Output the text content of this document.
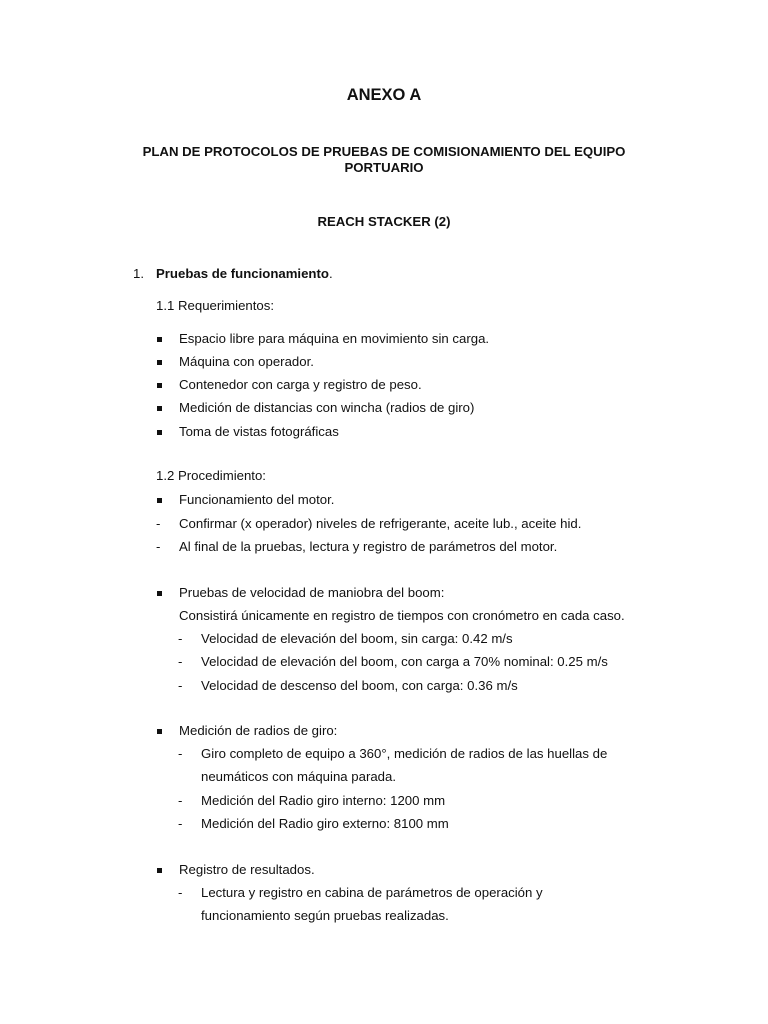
ANEXO A
PLAN DE PROTOCOLOS DE PRUEBAS DE COMISIONAMIENTO DEL EQUIPO
PORTUARIO
REACH STACKER (2)
1. Pruebas de funcionamiento.
1.1 Requerimientos:
Espacio libre para máquina en movimiento sin carga.
Máquina con operador.
Contenedor con carga y registro de peso.
Medición de distancias con wincha (radios de giro)
Toma de vistas fotográficas
1.2 Procedimiento:
Funcionamiento del motor.
- Confirmar (x operador) niveles de refrigerante, aceite lub., aceite hid.
- Al final de la pruebas, lectura y registro de parámetros del motor.
Pruebas de velocidad de maniobra del boom:
Consistirá únicamente en registro de tiempos con cronómetro en cada caso.
- Velocidad de elevación del boom, sin carga: 0.42 m/s
- Velocidad de elevación del boom, con carga a 70% nominal: 0.25 m/s
- Velocidad de descenso del boom, con carga: 0.36 m/s
Medición de radios de giro:
- Giro completo de equipo a 360°, medición de radios de las huellas de
neumáticos con máquina parada.
- Medición del Radio giro interno: 1200 mm
- Medición del Radio giro externo: 8100 mm
Registro de resultados.
- Lectura y registro en cabina de parámetros de operación y
funcionamiento según pruebas realizadas.
